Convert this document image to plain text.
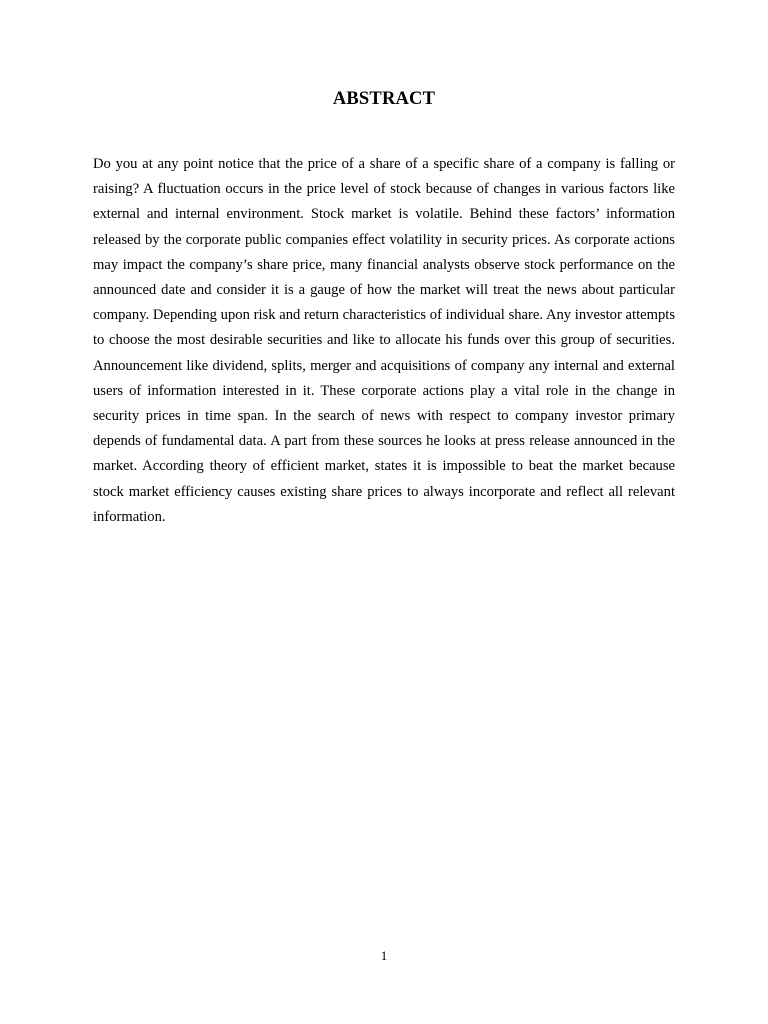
ABSTRACT

Do you at any point notice that the price of a share of a specific share of a company is falling or raising? A fluctuation occurs in the price level of stock because of changes in various factors like external and internal environment. Stock market is volatile. Behind these factors’ information released by the corporate public companies effect volatility in security prices. As corporate actions may impact the company’s share price, many financial analysts observe stock performance on the announced date and consider it is a gauge of how the market will treat the news about particular company. Depending upon risk and return characteristics of individual share. Any investor attempts to choose the most desirable securities and like to allocate his funds over this group of securities. Announcement like dividend, splits, merger and acquisitions of company any internal and external users of information interested in it. These corporate actions play a vital role in the change in security prices in time span. In the search of news with respect to company investor primary depends of fundamental data. A part from these sources he looks at press release announced in the market. According theory of efficient market, states it is impossible to beat the market because stock market efficiency causes existing share prices to always incorporate and reflect all relevant information.

1
